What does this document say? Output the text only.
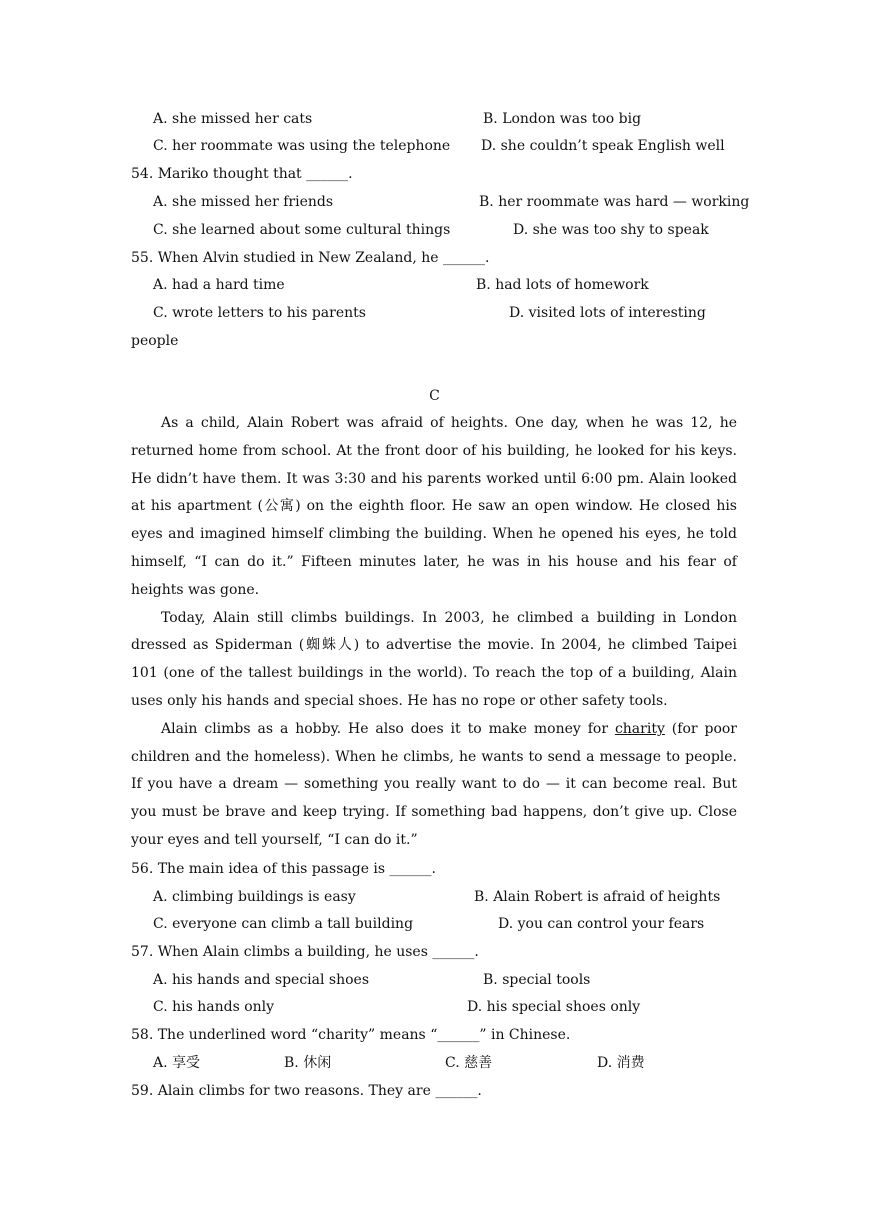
A. she missed her cats	B. London was too big
C. her roommate was using the telephone D. she couldn’t speak English well
54. Mariko thought that ______.
A. she missed her friends	B. her roommate was hard — working
C. she learned about some cultural things	D. she was too shy to speak
55. When Alvin studied in New Zealand, he ______.
A. had a hard time	B. had lots of homework
C. wrote letters to his parents	D. visited lots of interesting
people
C

As a child, Alain Robert was afraid of heights. One day, when he was 12, he returned home from school. At the front door of his building, he looked for his keys. He didn’t have them. It was 3:30 and his parents worked until 6:00 pm. Alain looked at his apartment (公寓) on the eighth floor. He saw an open window. He closed his eyes and imagined himself climbing the building. When he opened his eyes, he told himself, “I can do it.” Fifteen minutes later, he was in his house and his fear of heights was gone.

Today, Alain still climbs buildings. In 2003, he climbed a building in London dressed as Spiderman (蜘蛛人) to advertise the movie. In 2004, he climbed Taipei 101 (one of the tallest buildings in the world). To reach the top of a building, Alain uses only his hands and special shoes. He has no rope or other safety tools.

Alain climbs as a hobby. He also does it to make money for charity (for poor children and the homeless). When he climbs, he wants to send a message to people. If you have a dream — something you really want to do — it can become real. But you must be brave and keep trying. If something bad happens, don’t give up. Close your eyes and tell yourself, “I can do it.”

56. The main idea of this passage is ______.
A. climbing buildings is easy	B. Alain Robert is afraid of heights
C. everyone can climb a tall building	D. you can control your fears
57. When Alain climbs a building, he uses ______.
A. his hands and special shoes	B. special tools
C. his hands only	D. his special shoes only
58. The underlined word “charity” means “______” in Chinese.
A. 享受	B. 休闲	C. 慈善	D. 消费
59. Alain climbs for two reasons. They are ______.
